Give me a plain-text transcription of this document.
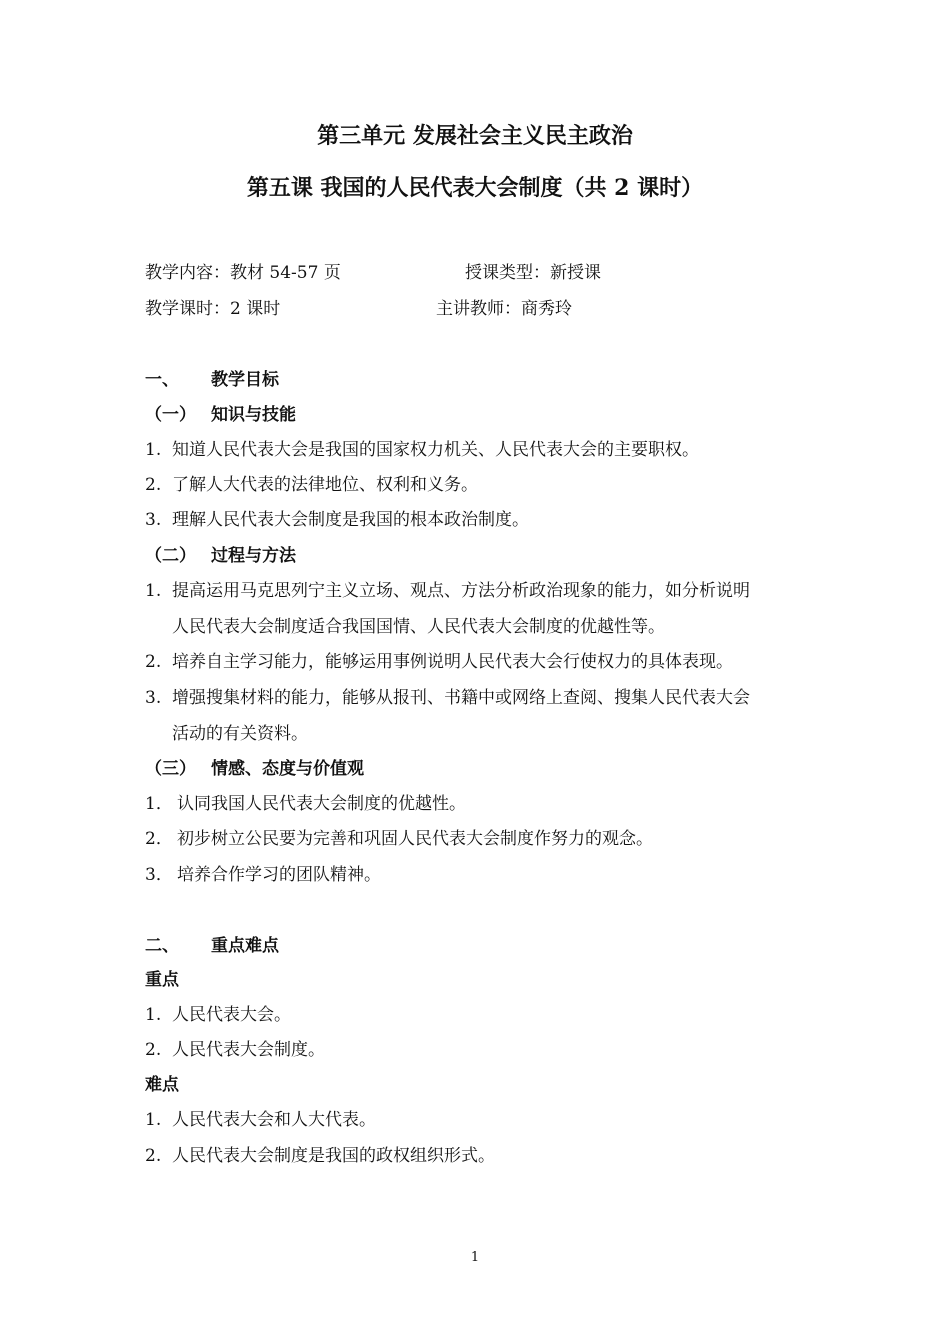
第三单元 发展社会主义民主政治
第五课 我国的人民代表大会制度（共 2 课时）
教学内容：教材 54-57 页	授课类型：新授课
教学课时：2 课时	主讲教师：商秀玲
一、 教学目标
（一） 知识与技能
1. 知道人民代表大会是我国的国家权力机关、人民代表大会的主要职权。
2. 了解人大代表的法律地位、权利和义务。
3. 理解人民代表大会制度是我国的根本政治制度。
（二） 过程与方法
1. 提高运用马克思列宁主义立场、观点、方法分析政治现象的能力，如分析说明
人民代表大会制度适合我国国情、人民代表大会制度的优越性等。
2. 培养自主学习能力，能够运用事例说明人民代表大会行使权力的具体表现。
3. 增强搜集材料的能力，能够从报刊、书籍中或网络上查阅、搜集人民代表大会
活动的有关资料。
（三） 情感、态度与价值观
1． 认同我国人民代表大会制度的优越性。
2． 初步树立公民要为完善和巩固人民代表大会制度作努力的观念。
3． 培养合作学习的团队精神。
二、 重点难点
重点
1. 人民代表大会。
2. 人民代表大会制度。
难点
1. 人民代表大会和人大代表。
2. 人民代表大会制度是我国的政权组织形式。
1
